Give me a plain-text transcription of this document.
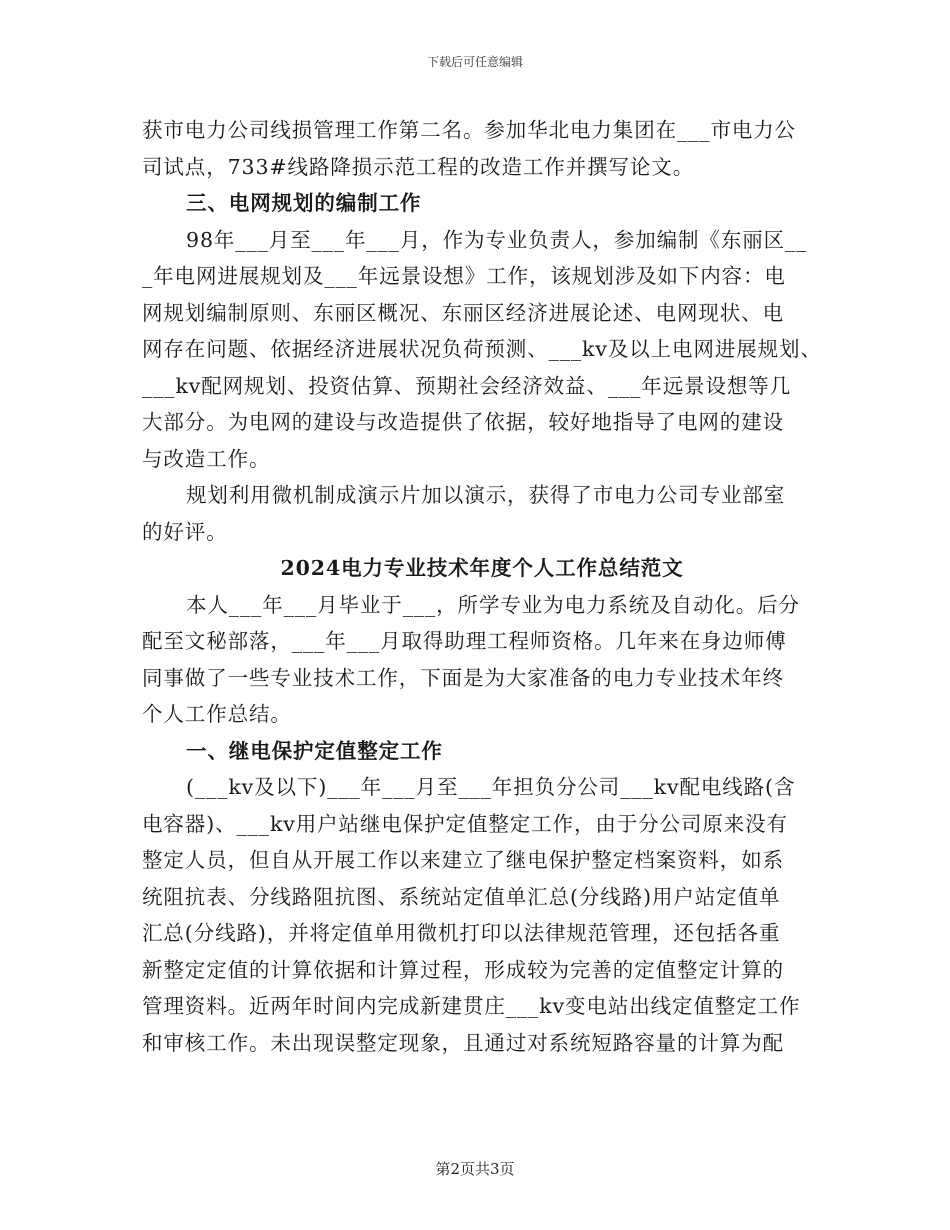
下载后可任意编辑
获市电力公司线损管理工作第二名。参加华北电力集团在___市电力公
司试点，733#线路降损示范工程的改造工作并撰写论文。
三、电网规划的编制工作
98年___月至___年___月，作为专业负责人，参加编制《东丽区__
_年电网进展规划及___年远景设想》工作，该规划涉及如下内容：电
网规划编制原则、东丽区概况、东丽区经济进展论述、电网现状、电
网存在问题、依据经济进展状况负荷预测、___kv及以上电网进展规划、
___kv配网规划、投资估算、预期社会经济效益、___年远景设想等几
大部分。为电网的建设与改造提供了依据，较好地指导了电网的建设
与改造工作。
规划利用微机制成演示片加以演示，获得了市电力公司专业部室
的好评。
2024电力专业技术年度个人工作总结范文
本人___年___月毕业于___，所学专业为电力系统及自动化。后分
配至文秘部落，___年___月取得助理工程师资格。几年来在身边师傅
同事做了一些专业技术工作，下面是为大家准备的电力专业技术年终
个人工作总结。
一、继电保护定值整定工作
(___kv及以下)___年___月至___年担负分公司___kv配电线路(含
电容器)、___kv用户站继电保护定值整定工作，由于分公司原来没有
整定人员，但自从开展工作以来建立了继电保护整定档案资料，如系
统阻抗表、分线路阻抗图、系统站定值单汇总(分线路)用户站定值单
汇总(分线路)，并将定值单用微机打印以法律规范管理，还包括各重
新整定定值的计算依据和计算过程，形成较为完善的定值整定计算的
管理资料。近两年时间内完成新建贯庄___kv变电站出线定值整定工作
和审核工作。未出现误整定现象，且通过对系统短路容量的计算为配
第2页共3页
